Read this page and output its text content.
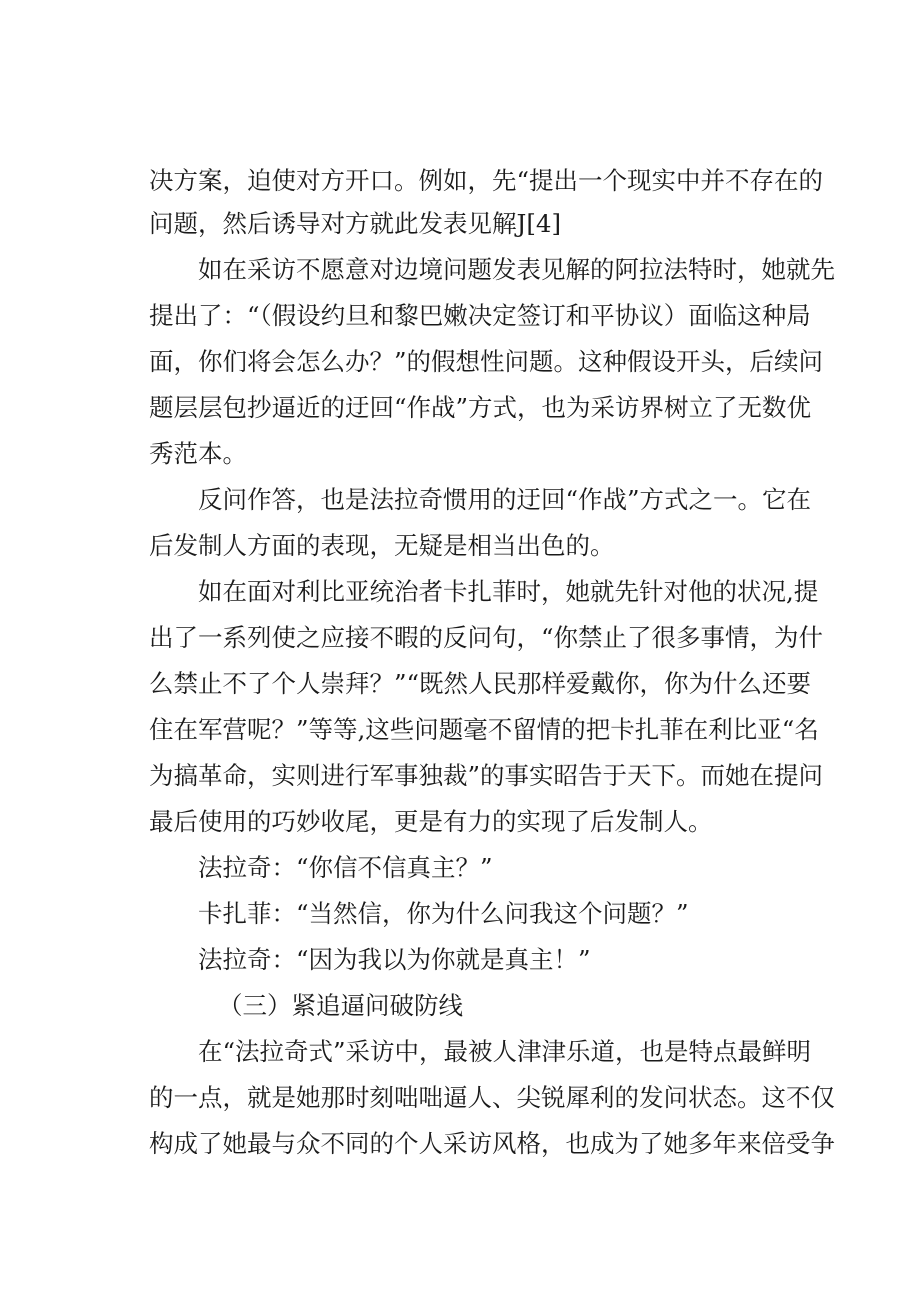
决方案，迫使对方开口。例如，先“提出一个现实中并不存在的
问题，然后诱导对方就此发表见解J[4]
如在采访不愿意对边境问题发表见解的阿拉法特时，她就先
提出了：“（假设约旦和黎巴嫩决定签订和平协议）面临这种局
面，你们将会怎么办？”的假想性问题。这种假设开头，后续问
题层层包抄逼近的迂回“作战”方式，也为采访界树立了无数优
秀范本。
反问作答，也是法拉奇惯用的迂回“作战”方式之一。它在
后发制人方面的表现，无疑是相当出色的。
如在面对利比亚统治者卡扎菲时，她就先针对他的状况,提
出了一系列使之应接不暇的反问句，“你禁止了很多事情，为什
么禁止不了个人崇拜？”“既然人民那样爱戴你，你为什么还要
住在军营呢？”等等,这些问题毫不留情的把卡扎菲在利比亚“名
为搞革命，实则进行军事独裁”的事实昭告于天下。而她在提问
最后使用的巧妙收尾，更是有力的实现了后发制人。
法拉奇：“你信不信真主？”
卡扎菲：“当然信，你为什么问我这个问题？”
法拉奇：“因为我以为你就是真主！”
（三）紧追逼问破防线
在“法拉奇式”采访中，最被人津津乐道，也是特点最鲜明
的一点，就是她那时刻咄咄逼人、尖锐犀利的发问状态。这不仅
构成了她最与众不同的个人采访风格，也成为了她多年来倍受争
